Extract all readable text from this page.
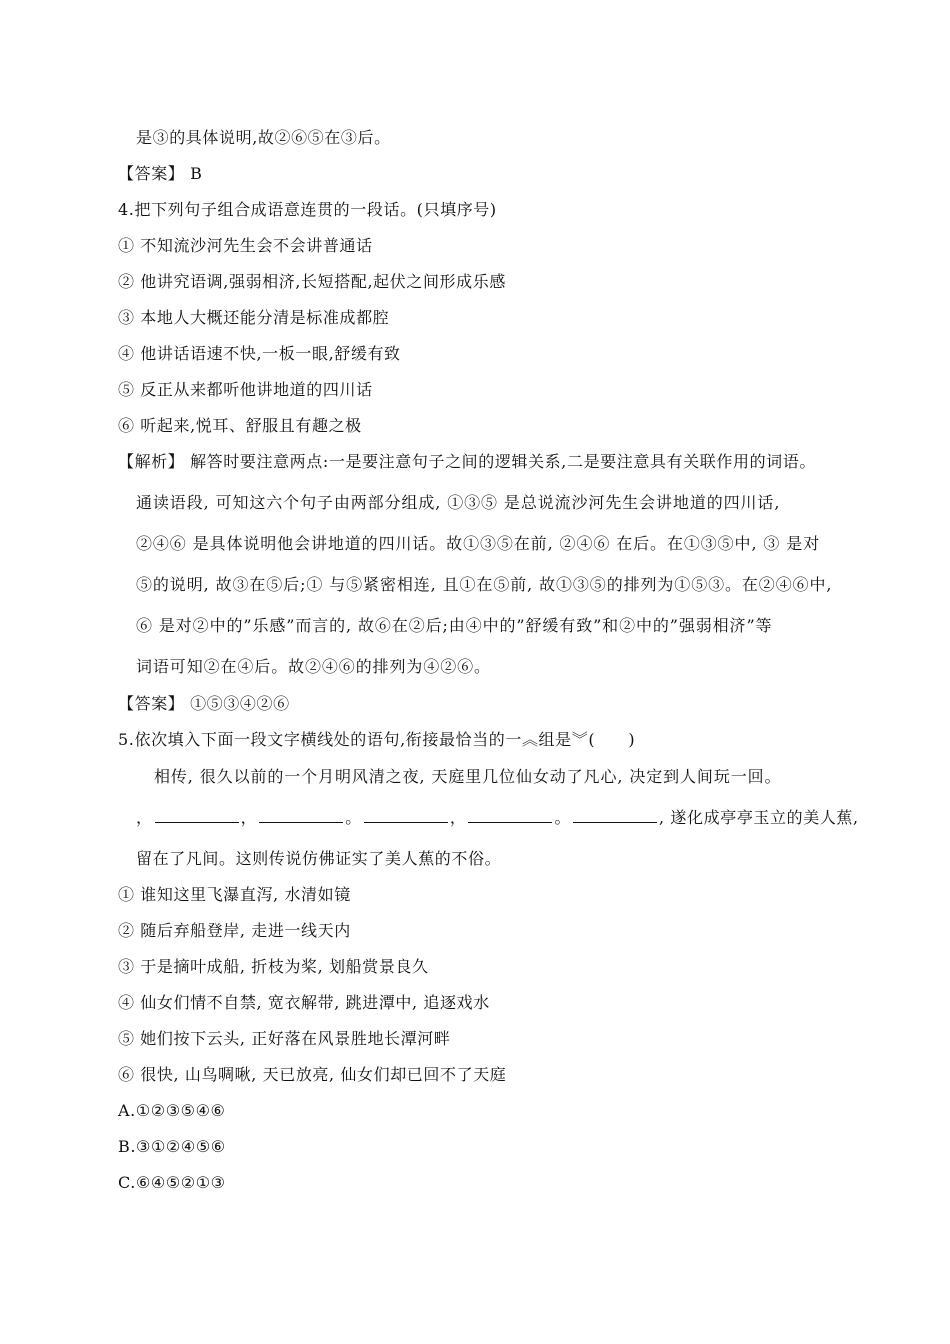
是③的具体说明,故②⑥⑤在③后。
【答案】 B
4.把下列句子组合成语意连贯的一段话。(只填序号)
① 不知流沙河先生会不会讲普通话
② 他讲究语调,强弱相济,长短搭配,起伏之间形成乐感
③ 本地人大概还能分清是标准成都腔
④ 他讲话语速不快,一板一眼,舒缓有致
⑤ 反正从来都听他讲地道的四川话
⑥ 听起来,悦耳、舒服且有趣之极
【解析】 解答时要注意两点:一是要注意句子之间的逻辑关系,二是要注意具有关联作用的词语。
通读语段, 可知这六个句子由两部分组成, ①③⑤ 是总说流沙河先生会讲地道的四川话,
②④⑥ 是具体说明他会讲地道的四川话。故①③⑤在前, ②④⑥ 在后。在①③⑤中, ③ 是对
⑤的说明, 故③在⑤后;① 与⑤紧密相连, 且①在⑤前, 故①③⑤的排列为①⑤③。在②④⑥中,
⑥ 是对②中的”乐感”而言的, 故⑥在②后;由④中的”舒缓有致”和②中的”强弱相济”等
词语可知②在④后。故②④⑥的排列为④②⑥。
【答案】 ①⑤③④②⑥
5.依次填入下面一段文字横线处的语句,衔接最恰当的一︽组是︾(　　)
相传, 很久以前的一个月明风清之夜, 天庭里几位仙女动了凡心, 决定到人间玩一回。
，	，	。	，	。	, 遂化成亭亭玉立的美人蕉,
留在了凡间。这则传说仿佛证实了美人蕉的不俗。
① 谁知这里飞瀑直泻, 水清如镜
② 随后弃船登岸, 走进一线天内
③ 于是摘叶成船, 折枝为桨, 划船赏景良久
④ 仙女们情不自禁, 宽衣解带, 跳进潭中, 追逐戏水
⑤ 她们按下云头, 正好落在风景胜地长潭河畔
⑥ 很快, 山鸟啁啾, 天已放亮, 仙女们却已回不了天庭
A.①②③⑤④⑥
B.③①②④⑤⑥
C.⑥④⑤②①③
